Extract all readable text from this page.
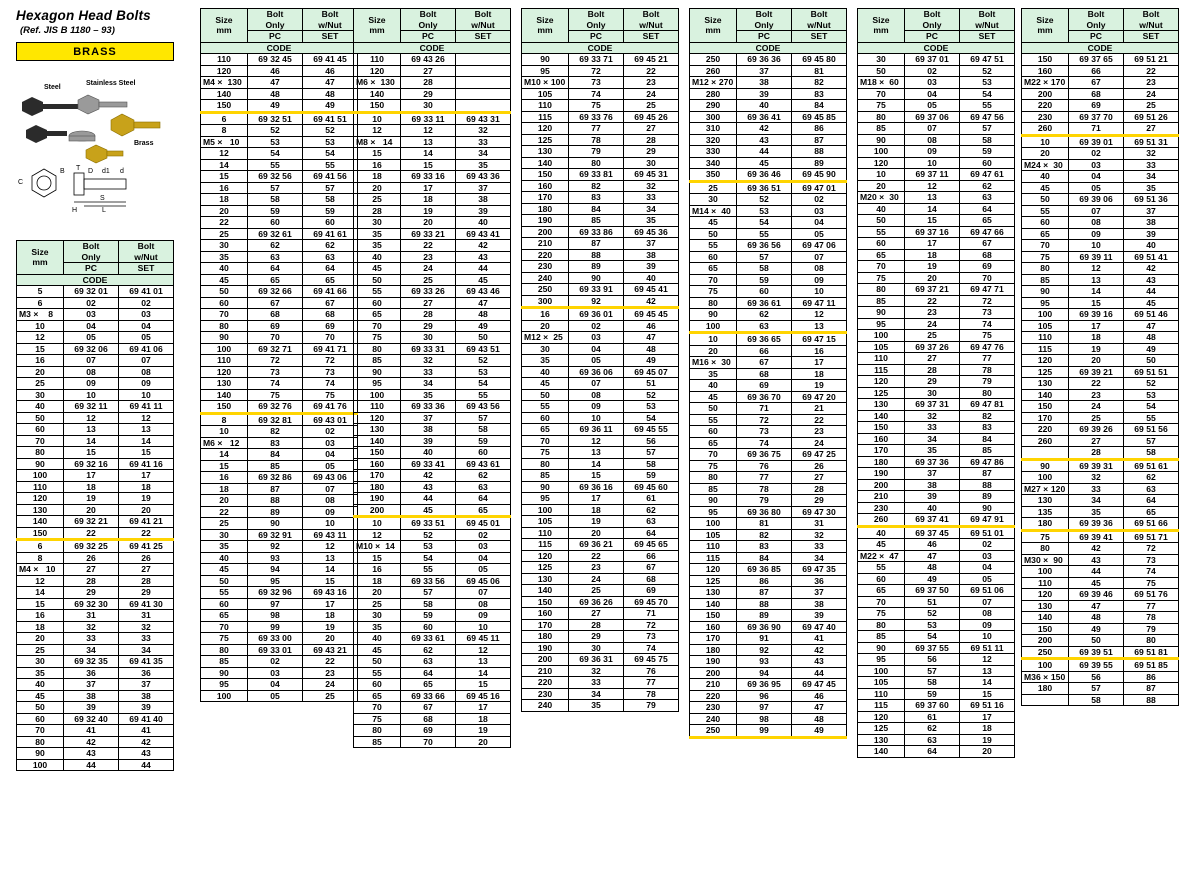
Hexagon Head Bolts
(Ref. JIS B 1180 – 93)
BRASS
C
B T D d1 d
H	L
S
Steel
Stainless Steel
Brass
Size
mm	Bolt
Only	Bolt
w/Nut
	PC	SET
CODE		
5	69 32 01	69 41 01
6	02	02

M3 × 8	03	03
10	04	04
12	05	05
15	69 32 06	69 41 06
16	07	07
20	08	08
25	09	09
30	10	10
40	69 32 11	69 41 11
50	12	12
60	13	13
70	14	14
80	15	15
90	69 32 16	69 41 16
100	17	17
110	18	18
120	19	19
130	20	20
140	69 32 21	69 41 21
150	22	22
6	69 32 25	69 41 25
8	26	26

M4 × 10	27	27
12	28	28
14	29	29
15	69 32 30	69 41 30
16	31	31
18	32	32
20	33	33
25	34	34
30	69 32 35	69 41 35
35	36	36
40	37	37
45	38	38
50	39	39
60	69 32 40	69 41 40
70	41	41
80	42	42
90	43	43
100	44	44
Size
mm	Bolt
Only	Bolt
w/Nut
	PC	SET
CODE		
110	69 32 45	69 41 45
120	46	46

M4 × 130	47	47
140	48	48
150	49	49
6	69 32 51	69 41 51
8	52	52

M5 × 10	53	53
12	54	54
14	55	55
15	69 32 56	69 41 56
16	57	57
18	58	58
20	59	59
22	60	60
25	69 32 61	69 41 61
30	62	62
35	63	63
40	64	64
45	65	65
50	69 32 66	69 41 66
60	67	67
70	68	68
80	69	69
90	70	70
100	69 32 71	69 41 71
110	72	72
120	73	73
130	74	74
140	75	75
150	69 32 76	69 41 76
8	69 32 81	69 43 01
10	82	02

M6 × 12	83	03
14	84	04
15	85	05
16	69 32 86	69 43 06
18	87	07
20	88	08
22	89	09
25	90	10
30	69 32 91	69 43 11
35	92	12
40	93	13
45	94	14
50	95	15
55	69 32 96	69 43 16
60	97	17
65	98	18
70	99	19
75	69 33 00	20
80	69 33 01	69 43 21
85	02	22
90	03	23
95	04	24
100	05	25
Size
mm	Bolt
Only	Bolt
w/Nut
	PC	SET
CODE		
110	69 43 26	
120	27	

M6 × 130	28	
140	29	
150	30	
10	69 33 11	69 43 31
12	12	32

M8 × 14	13	33
15	14	34
16	15	35
18	69 33 16	69 43 36
20	17	37
25	18	38
28	19	39
30	20	40
35	69 33 21	69 43 41
35	22	42
40	23	43
45	24	44
50	25	45
55	69 33 26	69 43 46
60	27	47
65	28	48
70	29	49
75	30	50
80	69 33 31	69 43 51
85	32	52
90	33	53
95	34	54
100	35	55
110	69 33 36	69 43 56
120	37	57
130	38	58
140	39	59
150	40	60
160	69 33 41	69 43 61
170	42	62
180	43	63
190	44	64
200	45	65
10	69 33 51	69 45 01
12	52	02

M10 × 14	53	03
15	54	04
16	55	05
18	69 33 56	69 45 06
20	57	07
25	58	08
30	59	09
35	60	10
40	69 33 61	69 45 11
45	62	12
50	63	13
55	64	14
60	65	15
65	69 33 66	69 45 16
70	67	17
75	68	18
80	69	19
85	70	20
Size
mm	Bolt
Only	Bolt
w/Nut
	PC	SET
CODE		
90	69 33 71	69 45 21
95	72	22

M10 × 100	73	23
105	74	24
110	75	25
115	69 33 76	69 45 26
120	77	27
125	78	28
130	79	29
140	80	30
150	69 33 81	69 45 31
160	82	32
170	83	33
180	84	34
190	85	35
200	69 33 86	69 45 36
210	87	37
220	88	38
230	89	39
240	90	40
250	69 33 91	69 45 41
300	92	42
16	69 36 01	69 45 45
20	02	46

M12 × 25	03	47
30	04	48
35	05	49
40	69 36 06	69 45 07
45	07	51
50	08	52
55	09	53
60	10	54
65	69 36 11	69 45 55
70	12	56
75	13	57
80	14	58
85	15	59
90	69 36 16	69 45 60
95	17	61
100	18	62
105	19	63
110	20	64
115	69 36 21	69 45 65
120	22	66
125	23	67
130	24	68
140	25	69
150	69 36 26	69 45 70
160	27	71
170	28	72
180	29	73
190	30	74
200	69 36 31	69 45 75
210	32	76
220	33	77
230	34	78
240	35	79
Size
mm	Bolt
Only	Bolt
w/Nut
	PC	SET
CODE		
250	69 36 36	69 45 80
260	37	81

M12 × 270	38	82
280	39	83
290	40	84
300	69 36 41	69 45 85
310	42	86
320	43	87
330	44	88
340	45	89
350	69 36 46	69 45 90
25	69 36 51	69 47 01
30	52	02

M14 × 40	53	03
45	54	04
50	55	05
55	69 36 56	69 47 06
60	57	07
65	58	08
70	59	09
75	60	10
80	69 36 61	69 47 11
90	62	12
100	63	13
10	69 36 65	69 47 15
20	66	16

M16 × 30	67	17
35	68	18
40	69	19
45	69 36 70	69 47 20
50	71	21
55	72	22
60	73	23
65	74	24
70	69 36 75	69 47 25
75	76	26
80	77	27
85	78	28
90	79	29
95	69 36 80	69 47 30
100	81	31
105	82	32
110	83	33
115	84	34
120	69 36 85	69 47 35
125	86	36
130	87	37
140	88	38
150	89	39
160	69 36 90	69 47 40
170	91	41
180	92	42
190	93	43
200	94	44
210	69 36 95	69 47 45
220	96	46
230	97	47
240	98	48
250	99	49
Size
mm	Bolt
Only	Bolt
w/Nut
	PC	SET
CODE		
30	69 37 01	69 47 51
50	02	52

M18 × 60	03	53
70	04	54
75	05	55
80	69 37 06	69 47 56
85	07	57
90	08	58
100	09	59
120	10	60
10	69 37 11	69 47 61
20	12	62

M20 × 30	13	63
40	14	64
50	15	65
55	69 37 16	69 47 66
60	17	67
65	18	68
70	19	69
75	20	70
80	69 37 21	69 47 71
85	22	72
90	23	73
95	24	74
100	25	75
105	69 37 26	69 47 76
110	27	77
115	28	78
120	29	79
125	30	80
130	69 37 31	69 47 81
140	32	82
150	33	83
160	34	84
170	35	85
180	69 37 36	69 47 86
190	37	87
200	38	88
210	39	89
230	40	90
260	69 37 41	69 47 91
40	69 37 45	69 51 01
45	46	02

M22 × 47	47	03
55	48	04
60	49	05
65	69 37 50	69 51 06
70	51	07
75	52	08
80	53	09
85	54	10
90	69 37 55	69 51 11
95	56	12
100	57	13
105	58	14
110	59	15
115	69 37 60	69 51 16
120	61	17
125	62	18
130	63	19
140	64	20
Size
mm	Bolt
Only	Bolt
w/Nut
	PC	SET
CODE		
150	69 37 65	69 51 21
160	66	22

M22 × 170	67	23
200	68	24
220	69	25
230	69 37 70	69 51 26
260	71	27
10	69 39 01	69 51 31
20	02	32

M24 × 30	03	33
40	04	34
45	05	35
50	69 39 06	69 51 36
55	07	37
60	08	38
65	09	39
70	10	40
75	69 39 11	69 51 41
80	12	42
85	13	43
90	14	44
95	15	45
100	69 39 16	69 51 46
105	17	47
110	18	48
115	19	49
120	20	50
125	69 39 21	69 51 51
130	22	52
140	23	53
150	24	54
170	25	55
220	69 39 26	69 51 56
260	27	57
	28	58
90	69 39 31	69 51 61
100	32	62

M27 × 120	33	63
130	34	64
135	35	65
180	69 39 36	69 51 66
75	69 39 41	69 51 71
80	42	72

M30 × 90	43	73
100	44	74
110	45	75
120	69 39 46	69 51 76
130	47	77
140	48	78
150	49	79
200	50	80
250	69 39 51	69 51 81
100	69 39 55	69 51 85

M36 × 150	56	86
180	57	87
	58	88
